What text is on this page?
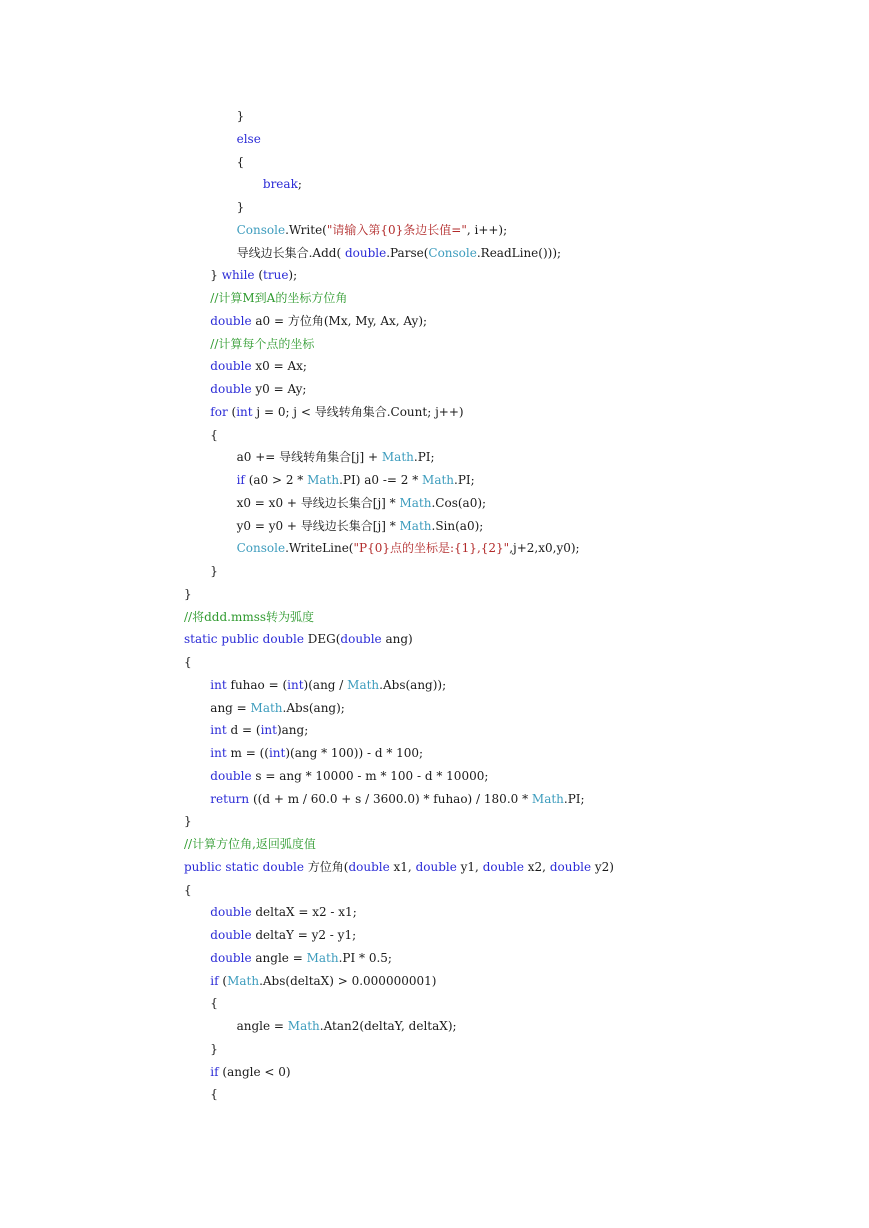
}
else
{
break;
}
Console.Write("请输入第{0}条边长值=", i++);
导线边长集合.Add( double.Parse(Console.ReadLine()));
} while (true);
//计算M到A的坐标方位角
double a0 = 方位角(Mx, My, Ax, Ay);
//计算每个点的坐标
double x0 = Ax;
double y0 = Ay;
for (int j = 0; j < 导线转角集合.Count; j++)
{
a0 += 导线转角集合[j] + Math.PI;
if (a0 > 2 * Math.PI) a0 -= 2 * Math.PI;
x0 = x0 + 导线边长集合[j] * Math.Cos(a0);
y0 = y0 + 导线边长集合[j] * Math.Sin(a0);
Console.WriteLine("P{0}点的坐标是:{1},{2}",j+2,x0,y0);
}
}
//将ddd.mmss转为弧度
static public double DEG(double ang)
{
int fuhao = (int)(ang / Math.Abs(ang));
ang = Math.Abs(ang);
int d = (int)ang;
int m = ((int)(ang * 100)) - d * 100;
double s = ang * 10000 - m * 100 - d * 10000;
return ((d + m / 60.0 + s / 3600.0) * fuhao) / 180.0 * Math.PI;
}
//计算方位角,返回弧度值
public static double 方位角(double x1, double y1, double x2, double y2)
{
double deltaX = x2 - x1;
double deltaY = y2 - y1;
double angle = Math.PI * 0.5;
if (Math.Abs(deltaX) > 0.000000001)
{
angle = Math.Atan2(deltaY, deltaX);
}
if (angle < 0)
{
